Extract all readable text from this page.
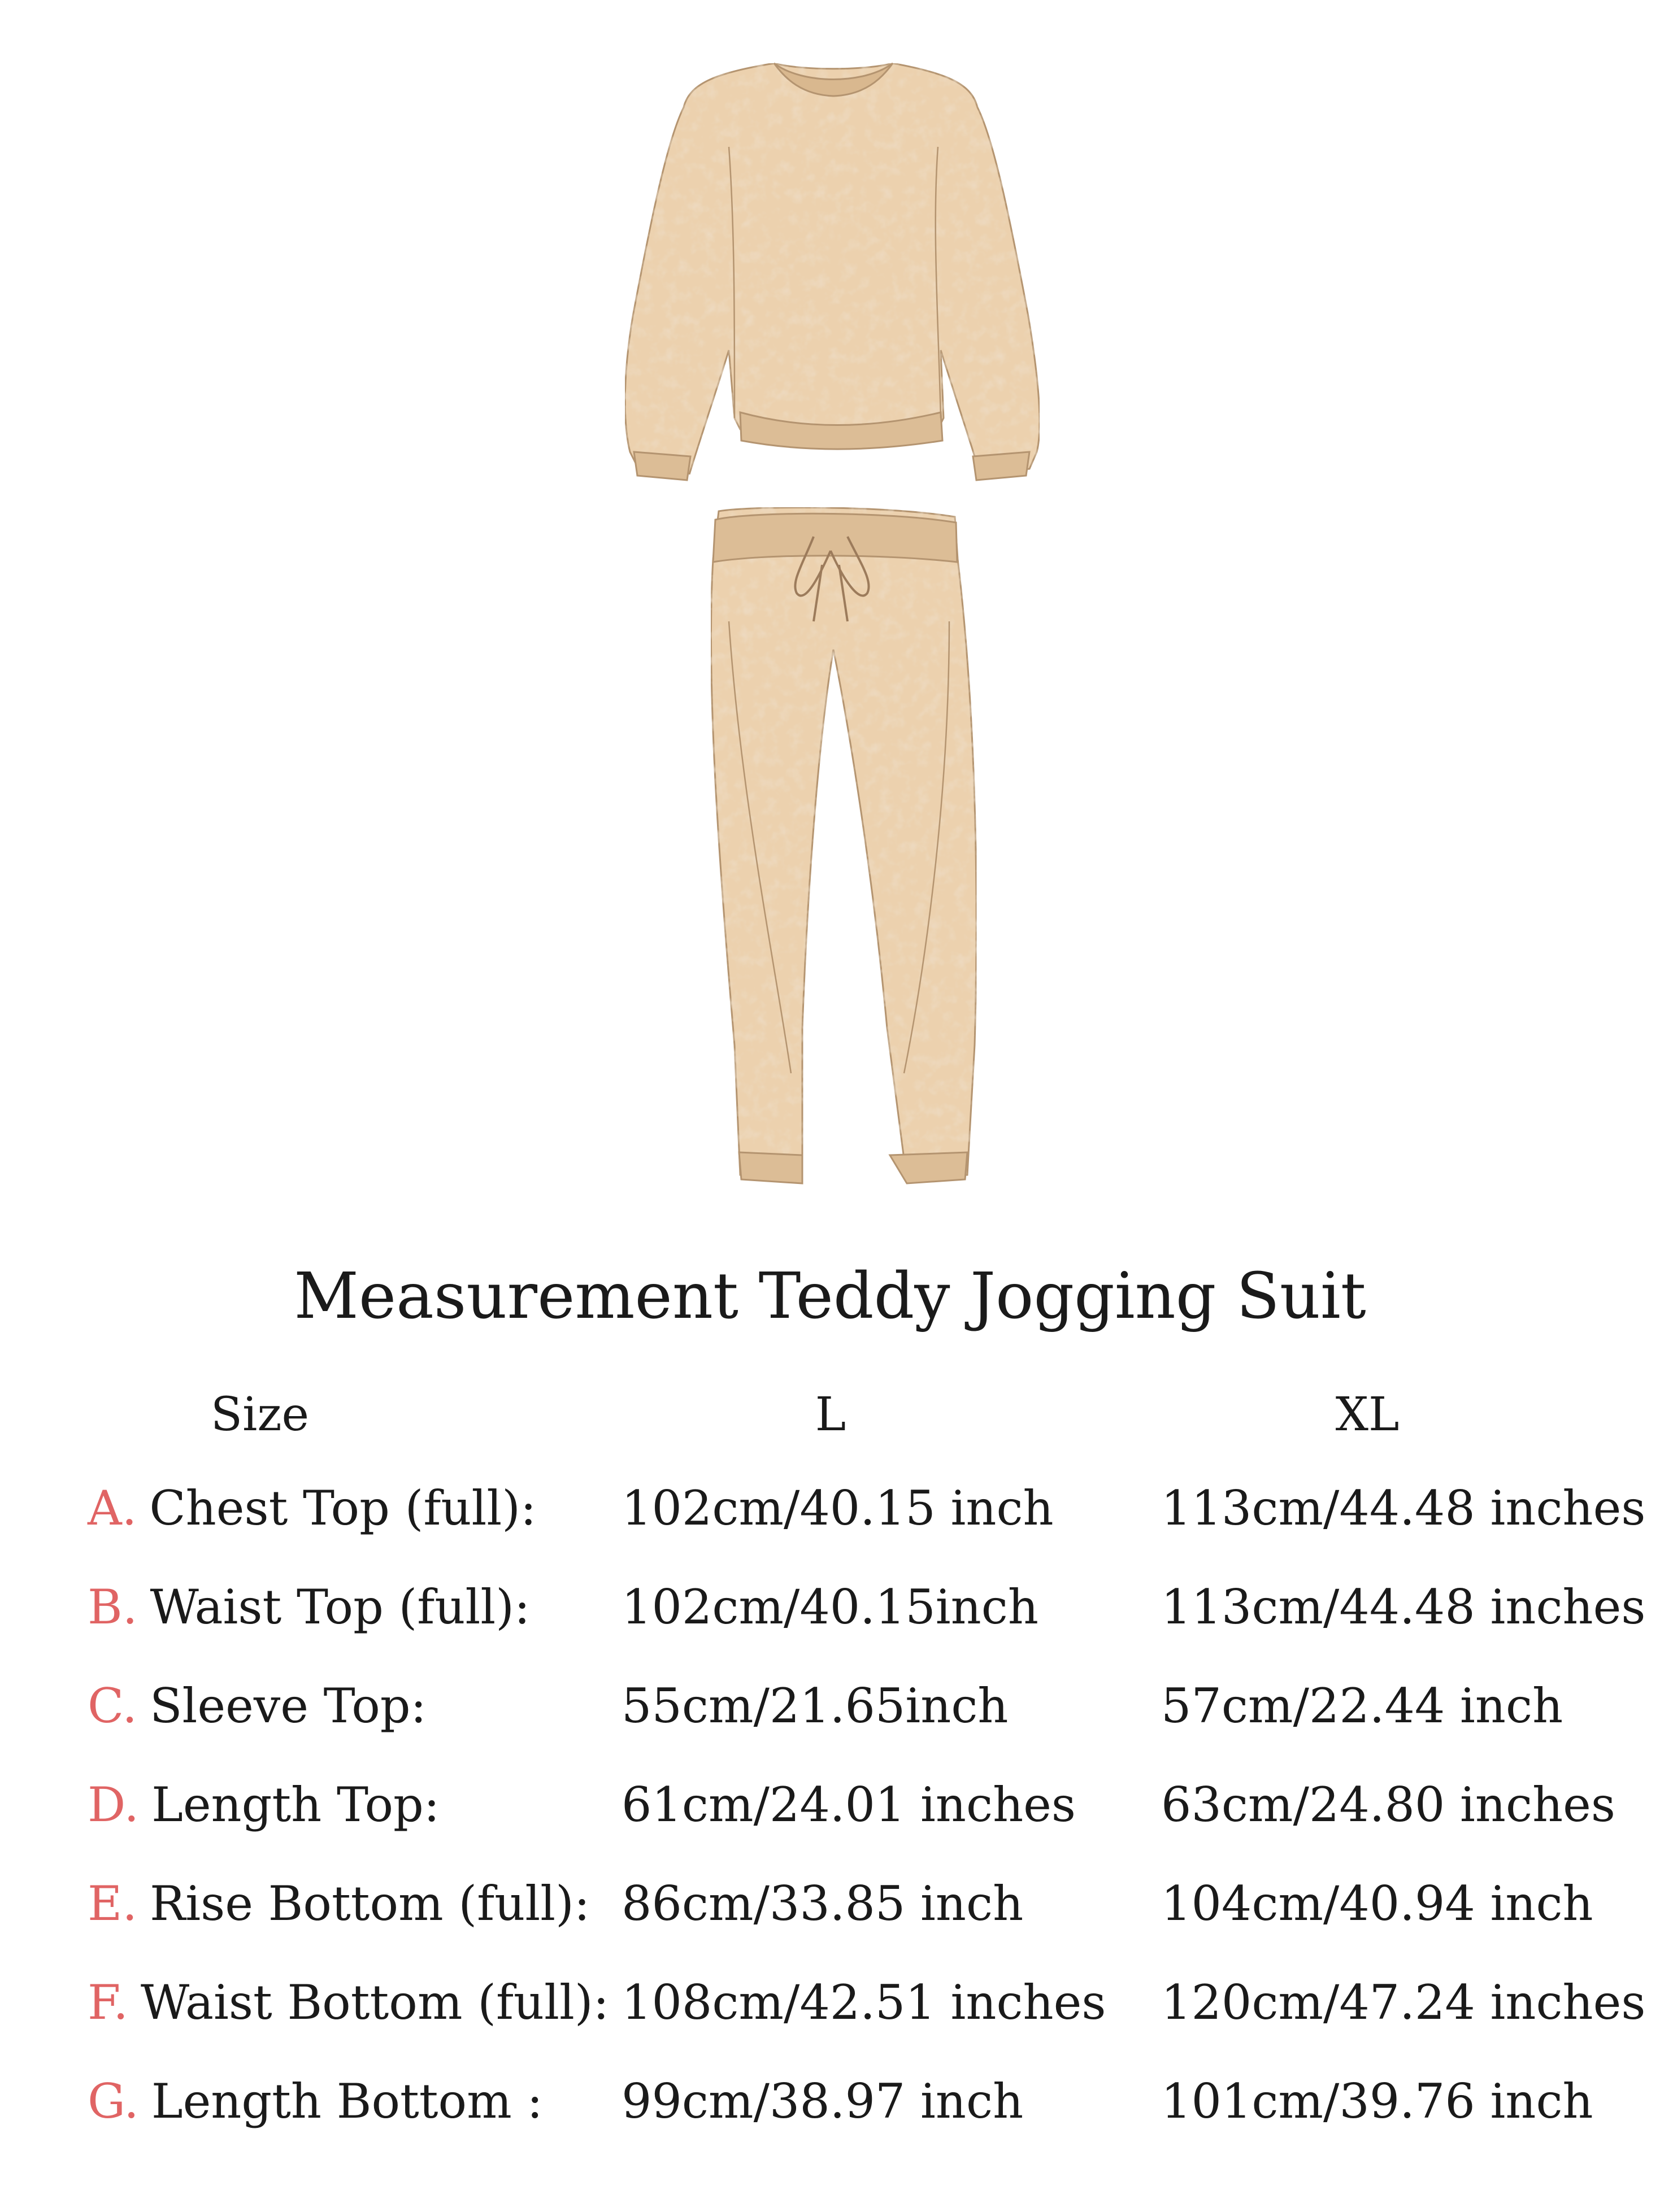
Measurement Teddy Jogging Suit
Size	L	XL
A. Chest Top (full): 102cm/40.15 inch 113cm/44.48 inches
B. Waist Top (full): 102cm/40.15inch	113cm/44.48 inches
C. Sleeve Top:	55cm/21.65inch	57cm/22.44 inch
D. Length Top:	61cm/24.01 inches 63cm/24.80 inches
E. Rise Bottom (full): 86cm/33.85 inch	104cm/40.94 inch
F. Waist Bottom (full): 108cm/42.51 inches 120cm/47.24 inches
G. Length Bottom : 99cm/38.97 inch	101cm/39.76 inch
